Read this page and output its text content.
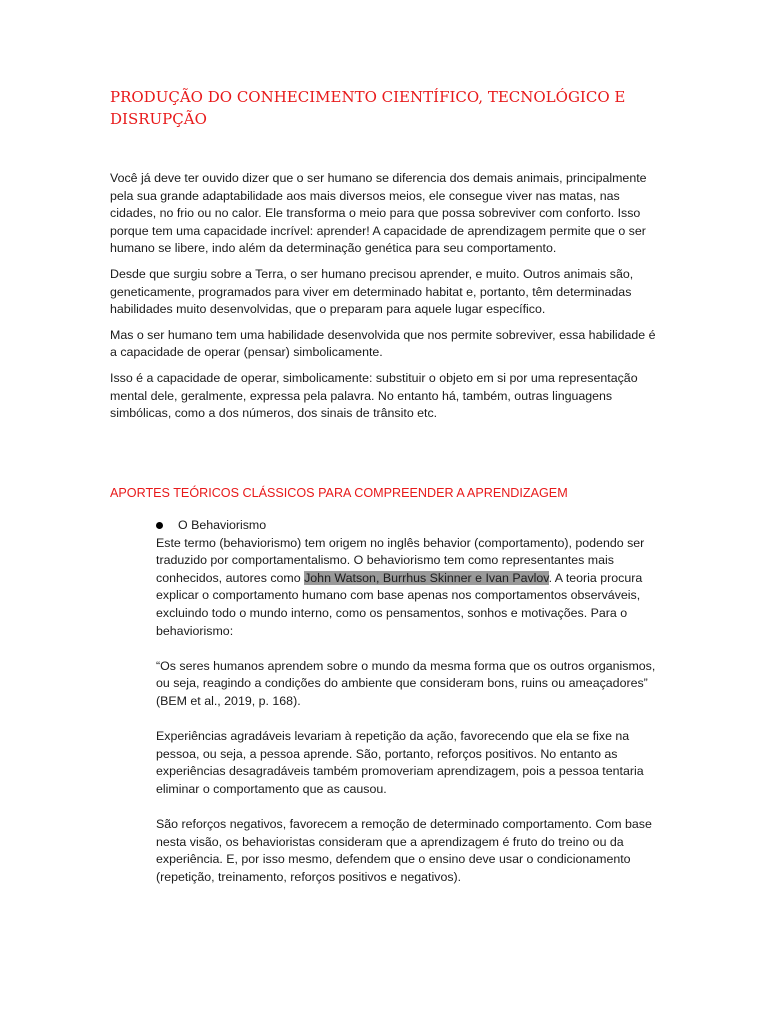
PRODUÇÃO DO CONHECIMENTO CIENTÍFICO, TECNOLÓGICO E DISRUPÇÃO

Você já deve ter ouvido dizer que o ser humano se diferencia dos demais animais, principalmente pela sua grande adaptabilidade aos mais diversos meios, ele consegue viver nas matas, nas cidades, no frio ou no calor. Ele transforma o meio para que possa sobreviver com conforto. Isso porque tem uma capacidade incrível: aprender! A capacidade de aprendizagem permite que o ser humano se libere, indo além da determinação genética para seu comportamento.

Desde que surgiu sobre a Terra, o ser humano precisou aprender, e muito. Outros animais são, geneticamente, programados para viver em determinado habitat e, portanto, têm determinadas habilidades muito desenvolvidas, que o preparam para aquele lugar específico.

Mas o ser humano tem uma habilidade desenvolvida que nos permite sobreviver, essa habilidade é a capacidade de operar (pensar) simbolicamente.

Isso é a capacidade de operar, simbolicamente: substituir o objeto em si por uma representação mental dele, geralmente, expressa pela palavra. No entanto há, também, outras linguagens simbólicas, como a dos números, dos sinais de trânsito etc.

APORTES TEÓRICOS CLÁSSICOS PARA COMPREENDER A APRENDIZAGEM
O Behaviorismo

Este termo (behaviorismo) tem origem no inglês behavior (comportamento), podendo ser traduzido por comportamentalismo. O behaviorismo tem como representantes mais conhecidos, autores como John Watson, Burrhus Skinner e Ivan Pavlov. A teoria procura explicar o comportamento humano com base apenas nos comportamentos observáveis, excluindo todo o mundo interno, como os pensamentos, sonhos e motivações. Para o behaviorismo:

“Os seres humanos aprendem sobre o mundo da mesma forma que os outros organismos, ou seja, reagindo a condições do ambiente que consideram bons, ruins ou ameaçadores” (BEM et al., 2019, p. 168).

Experiências agradáveis levariam à repetição da ação, favorecendo que ela se fixe na pessoa, ou seja, a pessoa aprende. São, portanto, reforços positivos. No entanto as experiências desagradáveis também promoveriam aprendizagem, pois a pessoa tentaria eliminar o comportamento que as causou.

São reforços negativos, favorecem a remoção de determinado comportamento. Com base nesta visão, os behavioristas consideram que a aprendizagem é fruto do treino ou da experiência. E, por isso mesmo, defendem que o ensino deve usar o condicionamento (repetição, treinamento, reforços positivos e negativos).
